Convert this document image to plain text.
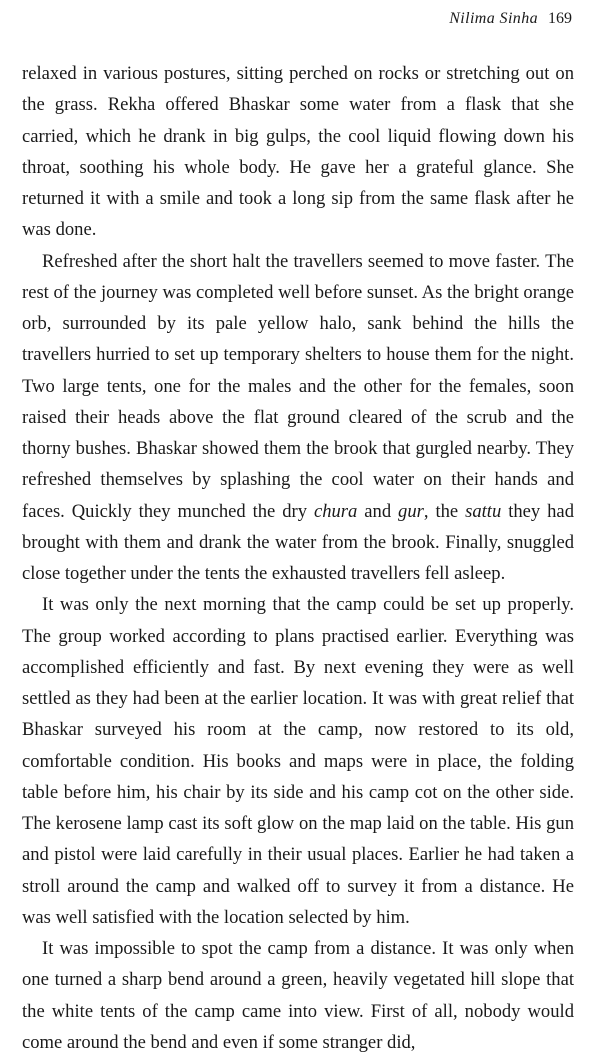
Nilima Sinha 169

relaxed in various postures, sitting perched on rocks or stretching out on the grass. Rekha offered Bhaskar some water from a flask that she carried, which he drank in big gulps, the cool liquid flowing down his throat, soothing his whole body. He gave her a grateful glance. She returned it with a smile and took a long sip from the same flask after he was done.

Refreshed after the short halt the travellers seemed to move faster. The rest of the journey was completed well before sunset. As the bright orange orb, surrounded by its pale yellow halo, sank behind the hills the travellers hurried to set up temporary shelters to house them for the night. Two large tents, one for the males and the other for the females, soon raised their heads above the flat ground cleared of the scrub and the thorny bushes. Bhaskar showed them the brook that gurgled nearby. They refreshed themselves by splashing the cool water on their hands and faces. Quickly they munched the dry chura and gur, the sattu they had brought with them and drank the water from the brook. Finally, snuggled close together under the tents the exhausted travellers fell asleep.

It was only the next morning that the camp could be set up properly. The group worked according to plans practised earlier. Everything was accomplished efficiently and fast. By next evening they were as well settled as they had been at the earlier location. It was with great relief that Bhaskar surveyed his room at the camp, now restored to its old, comfortable condition. His books and maps were in place, the folding table before him, his chair by its side and his camp cot on the other side. The kerosene lamp cast its soft glow on the map laid on the table. His gun and pistol were laid carefully in their usual places. Earlier he had taken a stroll around the camp and walked off to survey it from a distance. He was well satisfied with the location selected by him.

It was impossible to spot the camp from a distance. It was only when one turned a sharp bend around a green, heavily vegetated hill slope that the white tents of the camp came into view. First of all, nobody would come around the bend and even if some stranger did,
